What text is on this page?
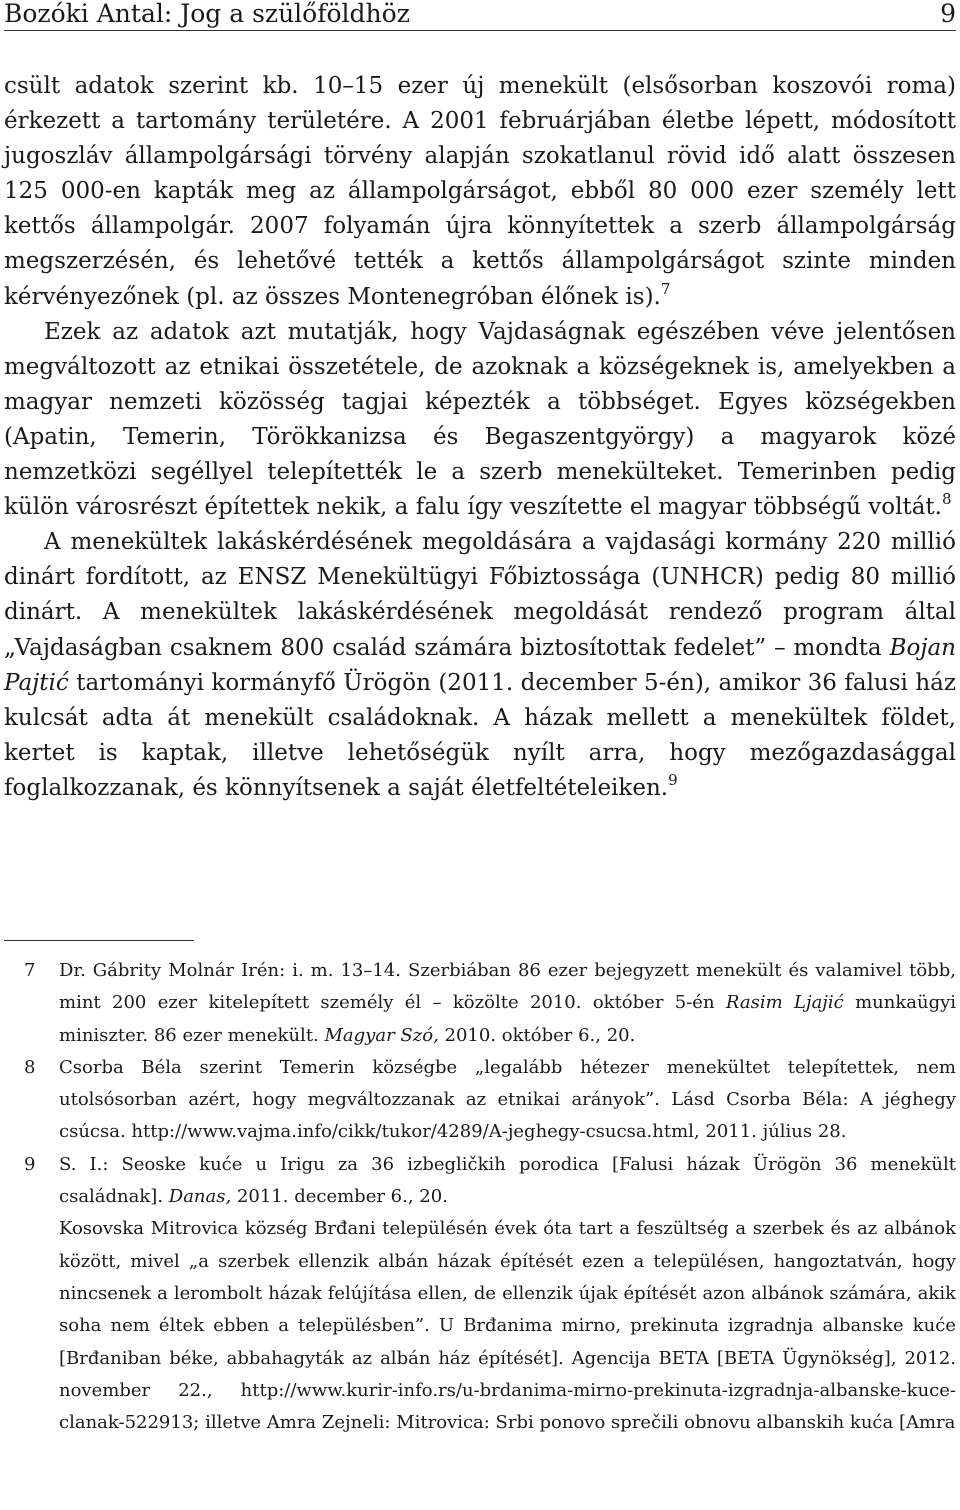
Bozóki Antal: Jog a szülőföldhöz	9

csült adatok szerint kb. 10–15 ezer új menekült (elsősorban koszovói roma) érkezett a tartomány területére. A 2001 februárjában életbe lépett, módosított jugoszláv állampolgársági törvény alapján szokatlanul rövid idő alatt összesen 125 000-en kapták meg az állampolgárságot, ebből 80 000 ezer személy lett kettős állampolgár. 2007 folyamán újra könnyítettek a szerb állampolgárság megszerzésén, és lehetővé tették a kettős állampolgárságot szinte minden kérvényezőnek (pl. az összes Montenegróban élőnek is).$^7$

Ezek az adatok azt mutatják, hogy Vajdaságnak egészében véve jelentősen megváltozott az etnikai összetétele, de azoknak a községeknek is, amelyekben a magyar nemzeti közösség tagjai képezték a többséget. Egyes községekben (Apatin, Temerin, Törökkanizsa és Begaszentgyörgy) a magyarok közé nemzetközi segéllyel telepítették le a szerb menekülteket. Temerinben pedig külön városrészt építettek nekik, a falu így veszítette el magyar többségű voltát.$^8$

A menekültek lakáskérdésének megoldására a vajdasági kormány 220 millió dinárt fordított, az ENSZ Menekültügyi Főbiztossága (UNHCR) pedig 80 millió dinárt. A menekültek lakáskérdésének megoldását rendező program által „Vajdaságban csaknem 800 család számára biztosítottak fedelet” – mondta Bojan Pajtić tartományi kormányfő Ürögön (2011. december 5-én), amikor 36 falusi ház kulcsát adta át menekült családoknak. A házak mellett a menekültek földet, kertet is kaptak, illetve lehetőségük nyílt arra, hogy mezőgazdasággal foglalkozzanak, és könnyítsenek a saját életfeltételeiken.$^9$

7 Dr. Gábrity Molnár Irén: i. m. 13–14. Szerbiában 86 ezer bejegyzett menekült és valamivel több, mint 200 ezer kitelepített személy él – közölte 2010. október 5-én Rasim Ljajić munkaügyi miniszter. 86 ezer menekült. Magyar Szó, 2010. október 6., 20.

8 Csorba Béla szerint Temerin községbe „legalább hétezer menekültet telepítettek, nem utolsósorban azért, hogy megváltozzanak az etnikai arányok”. Lásd Csorba Béla: A jéghegy csúcsa. http://www.vajma.info/cikk/tukor/4289/A-jeghegy-csucsa.html, 2011. július 28.

9 S. I.: Seoske kuće u Irigu za 36 izbegličkih porodica [Falusi házak Ürögön 36 menekült családnak]. Danas, 2011. december 6., 20.

Kosovska Mitrovica község Brđani településén évek óta tart a feszültség a szerbek és az albánok között, mivel „a szerbek ellenzik albán házak építését ezen a településen, hangoztatván, hogy nincsenek a lerombolt házak felújítása ellen, de ellenzik újak építését azon albánok számára, akik soha nem éltek ebben a településben”. U Brđanima mirno, prekinuta izgradnja albanske kuće [Brđaniban béke, abbahagyták az albán ház építését]. Agencija BETA [BETA Ügynökség], 2012. november 22., http://www.kurir-info.rs/u-brdanima-mirno-prekinuta-izgradnja-albanske-kuce-clanak-522913; illetve Amra Zejneli: Mitrovica: Srbi ponovo sprečili obnovu albanskih kuća [Amra
